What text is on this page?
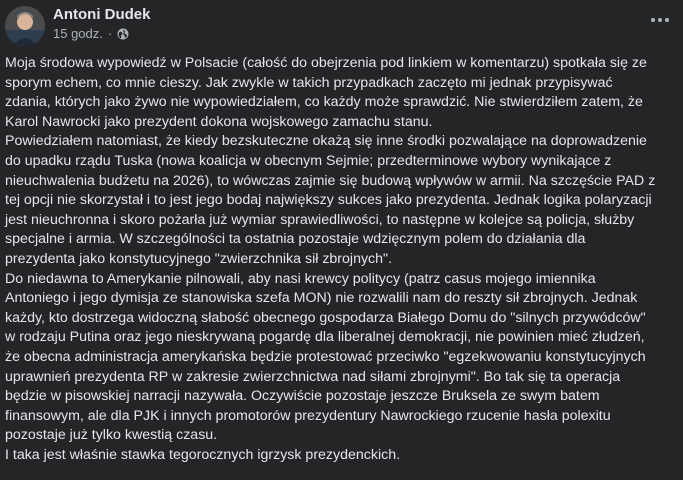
Antoni Dudek
15 godz. ·

Moja środowa wypowiedź w Polsacie (całość do obejrzenia pod linkiem w komentarzu) spotkała się ze

sporym echem, co mnie cieszy. Jak zwykle w takich przypadkach zaczęto mi jednak przypisywać

zdania, których jako żywo nie wypowiedziałem, co każdy może sprawdzić. Nie stwierdziłem zatem, że

Karol Nawrocki jako prezydent dokona wojskowego zamachu stanu.

Powiedziałem natomiast, że kiedy bezskuteczne okażą się inne środki pozwalające na doprowadzenie

do upadku rządu Tuska (nowa koalicja w obecnym Sejmie; przedterminowe wybory wynikające z

nieuchwalenia budżetu na 2026), to wówczas zajmie się budową wpływów w armii. Na szczęście PAD z

tej opcji nie skorzystał i to jest jego bodaj największy sukces jako prezydenta. Jednak logika polaryzacji

jest nieuchronna i skoro pożarła już wymiar sprawiedliwości, to następne w kolejce są policja, służby

specjalne i armia. W szczególności ta ostatnia pozostaje wdzięcznym polem do działania dla

prezydenta jako konstytucyjnego "zwierzchnika sił zbrojnych".

Do niedawna to Amerykanie pilnowali, aby nasi krewcy politycy (patrz casus mojego imiennika

Antoniego i jego dymisja ze stanowiska szefa MON) nie rozwalili nam do reszty sił zbrojnych. Jednak

każdy, kto dostrzega widoczną słabość obecnego gospodarza Białego Domu do "silnych przywódców"

w rodzaju Putina oraz jego nieskrywaną pogardę dla liberalnej demokracji, nie powinien mieć złudzeń,

że obecna administracja amerykańska będzie protestować przeciwko "egzekwowaniu konstytucyjnych

uprawnień prezydenta RP w zakresie zwierzchnictwa nad siłami zbrojnymi". Bo tak się ta operacja

będzie w pisowskiej narracji nazywała. Oczywiście pozostaje jeszcze Bruksela ze swym batem

finansowym, ale dla PJK i innych promotorów prezydentury Nawrockiego rzucenie hasła polexitu

pozostaje już tylko kwestią czasu.

I taka jest właśnie stawka tegorocznych igrzysk prezydenckich.
